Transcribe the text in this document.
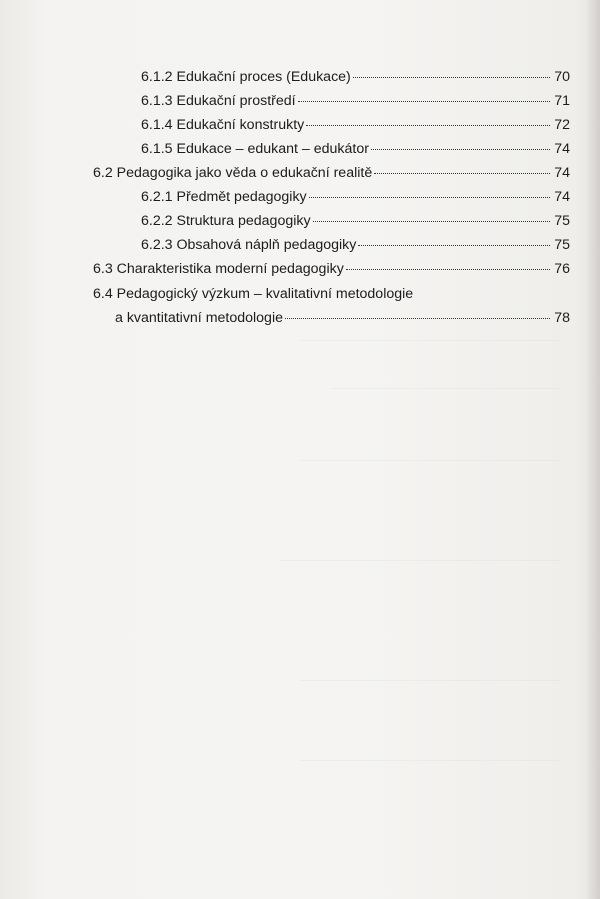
6.1.2 Edukační proces (Edukace)	70
6.1.3 Edukační prostředí	71
6.1.4 Edukační konstrukty	72
6.1.5 Edukace – edukant – edukátor	74
6.2 Pedagogika jako věda o edukační realitě	74
6.2.1 Předmět pedagogiky	74
6.2.2 Struktura pedagogiky	75
6.2.3 Obsahová náplň pedagogiky	75
6.3 Charakteristika moderní pedagogiky	76
6.4 Pedagogický výzkum – kvalitativní metodologie
a kvantitativní metodologie	78
